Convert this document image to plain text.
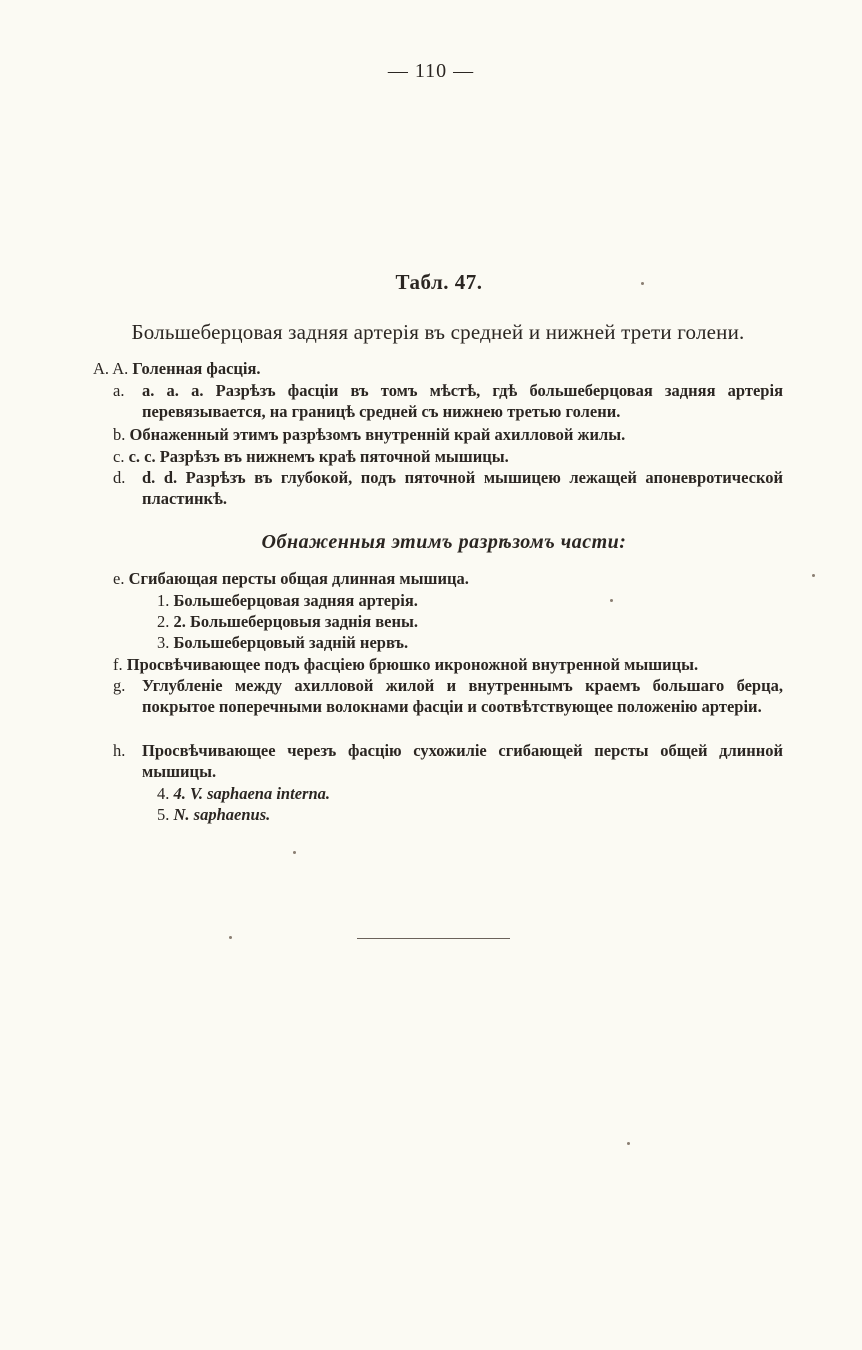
— 110 —
Табл. 47.
Большеберцовая задняя артерія въ средней и нижней трети голени.
A. A. Голенная фасція.
a. a. a. a. Разрѣзъ фасціи въ томъ мѣстѣ, гдѣ большеберцовая задняя артерія перевязывается, на границѣ средней съ нижнею третью голени.
b. Обнаженный этимъ разрѣзомъ внутренній край ахилловой жилы.
c. c. c. Разрѣзъ въ нижнемъ краѣ пяточной мышицы.
d. d. d. Разрѣзъ въ глубокой, подъ пяточной мышицею лежащей апоневротической пластинкѣ.
Обнаженныя этимъ разрѣзомъ части:
e. Сгибающая персты общая длинная мышица.
1. Большеберцовая задняя артерія.
2. 2. Большеберцовыя заднія вены.
3. Большеберцовый задній нервъ.
f. Просвѣчивающее подъ фасціею брюшко икроножной внутренной мышицы.
g. Углубленіе между ахилловой жилой и внутреннымъ краемъ большаго берца, покрытое поперечными волокнами фасціи и соотвѣтствующее положенію артеріи.
h. Просвѣчивающее черезъ фасцію сухожиліе сгибающей персты общей длинной мышицы.
4. 4. V. saphaena interna.
5. N. saphaenus.
